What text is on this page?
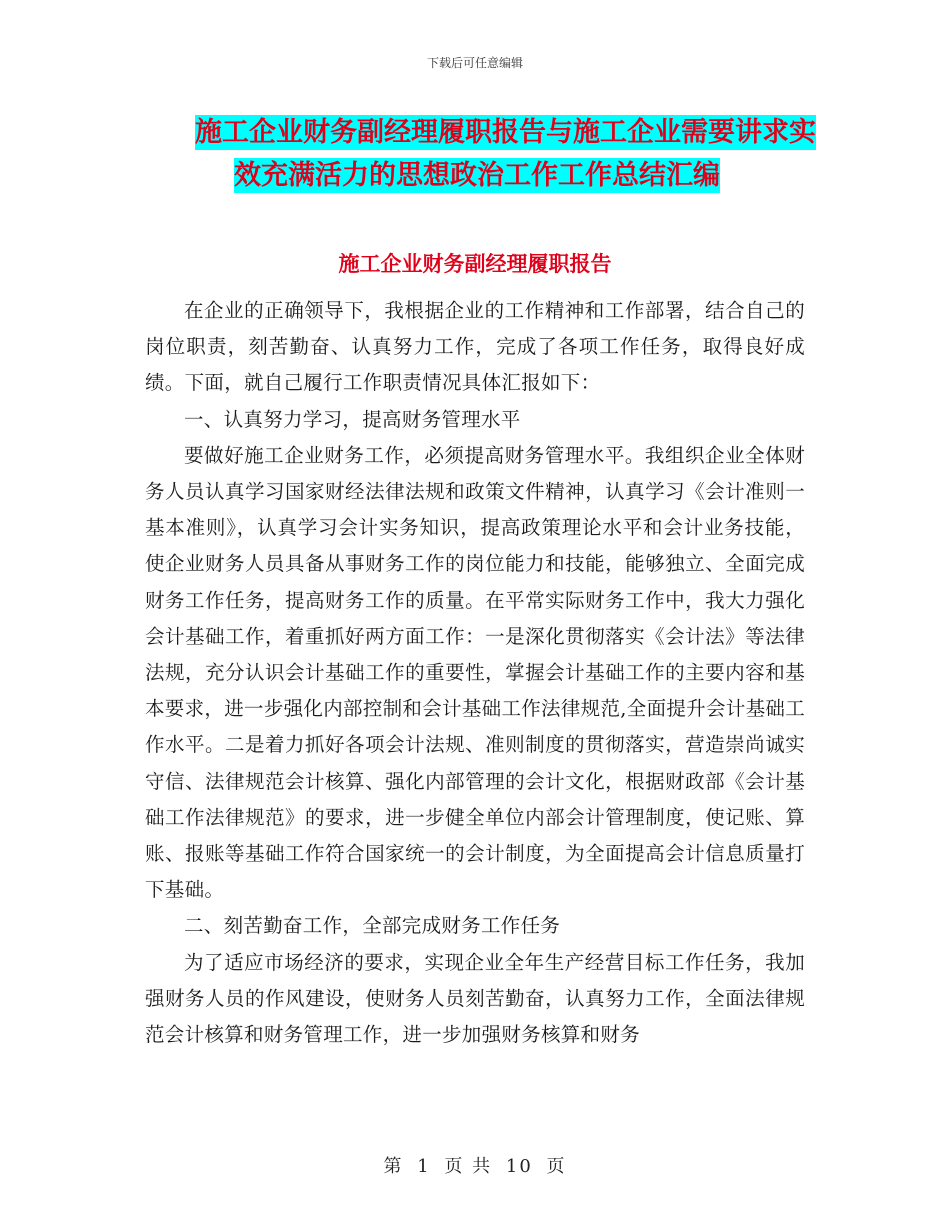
下载后可任意编辑
施工企业财务副经理履职报告与施工企业需要讲求实
效充满活力的思想政治工作工作总结汇编
施工企业财务副经理履职报告

在企业的正确领导下，我根据企业的工作精神和工作部署，结合自己的岗位职责，刻苦勤奋、认真努力工作，完成了各项工作任务，取得良好成绩。下面，就自己履行工作职责情况具体汇报如下：

一、认真努力学习，提高财务管理水平

要做好施工企业财务工作，必须提高财务管理水平。我组织企业全体财务人员认真学习国家财经法律法规和政策文件精神，认真学习《会计准则一基本准则》，认真学习会计实务知识，提高政策理论水平和会计业务技能，使企业财务人员具备从事财务工作的岗位能力和技能，能够独立、全面完成财务工作任务，提高财务工作的质量。在平常实际财务工作中，我大力强化会计基础工作，着重抓好两方面工作：一是深化贯彻落实《会计法》等法律法规，充分认识会计基础工作的重要性，掌握会计基础工作的主要内容和基本要求，进一步强化内部控制和会计基础工作法律规范,全面提升会计基础工作水平。二是着力抓好各项会计法规、准则制度的贯彻落实，营造崇尚诚实守信、法律规范会计核算、强化内部管理的会计文化，根据财政部《会计基础工作法律规范》的要求，进一步健全单位内部会计管理制度，使记账、算账、报账等基础工作符合国家统一的会计制度，为全面提高会计信息质量打下基础。

二、刻苦勤奋工作，全部完成财务工作任务

为了适应市场经济的要求，实现企业全年生产经营目标工作任务，我加强财务人员的作风建设，使财务人员刻苦勤奋，认真努力工作，全面法律规范会计核算和财务管理工作，进一步加强财务核算和财务

第 1 页 共 10 页
